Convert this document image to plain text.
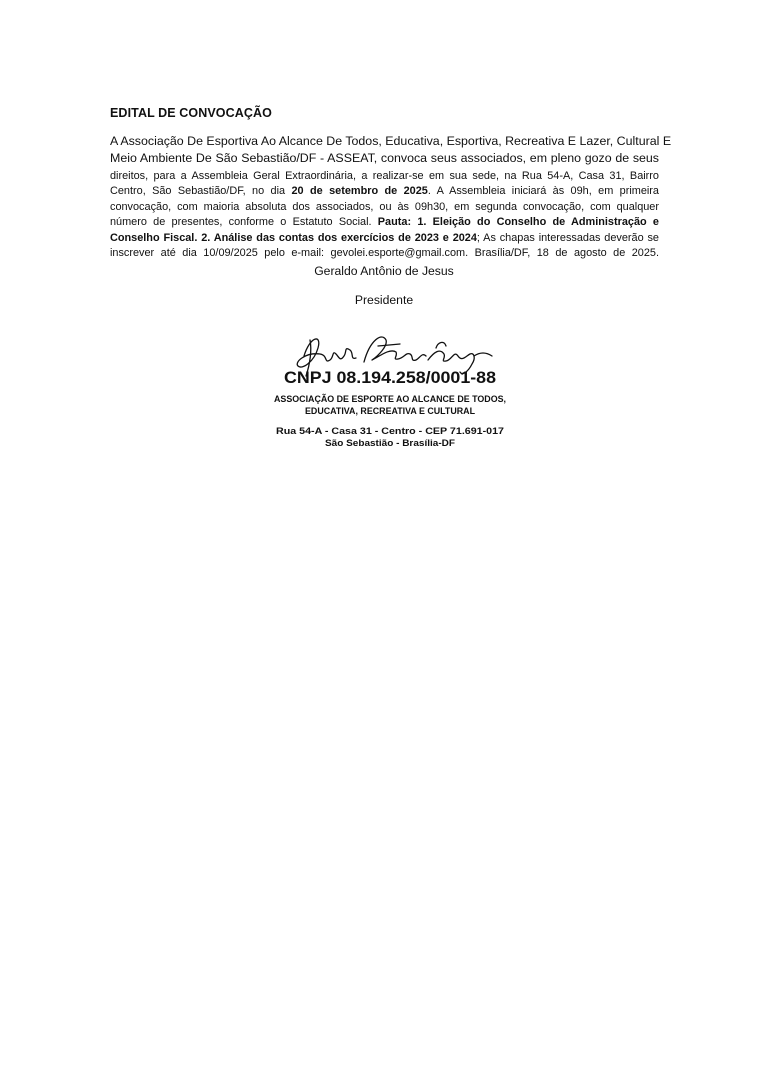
EDITAL DE CONVOCAÇÃO
A Associação De Esportiva Ao Alcance De Todos, Educativa, Esportiva, Recreativa E Lazer, Cultural E
Meio Ambiente De São Sebastião/DF - ASSEAT, convoca seus associados, em pleno gozo de seus
direitos, para a Assembleia Geral Extraordinária, a realizar-se em sua sede, na Rua 54-A, Casa 31, Bairro Centro, São Sebastião/DF, no dia 20 de setembro de 2025. A Assembleia iniciará às 09h, em primeira convocação, com maioria absoluta dos associados, ou às 09h30, em segunda convocação, com qualquer número de presentes, conforme o Estatuto Social. Pauta: 1. Eleição do Conselho de Administração e Conselho Fiscal. 2. Análise das contas dos exercícios de 2023 e 2024; As chapas interessadas deverão se inscrever até dia 10/09/2025 pelo e-mail: gevolei.esporte@gmail.com. Brasília/DF, 18 de agosto de 2025.
Geraldo Antônio de Jesus
Presidente
CNPJ 08.194.258/0001-88
ASSOCIAÇÃO DE ESPORTE AO ALCANCE DE TODOS,
EDUCATIVA, RECREATIVA E CULTURAL
Rua 54-A - Casa 31 - Centro - CEP 71.691-017
São Sebastião - Brasília-DF
